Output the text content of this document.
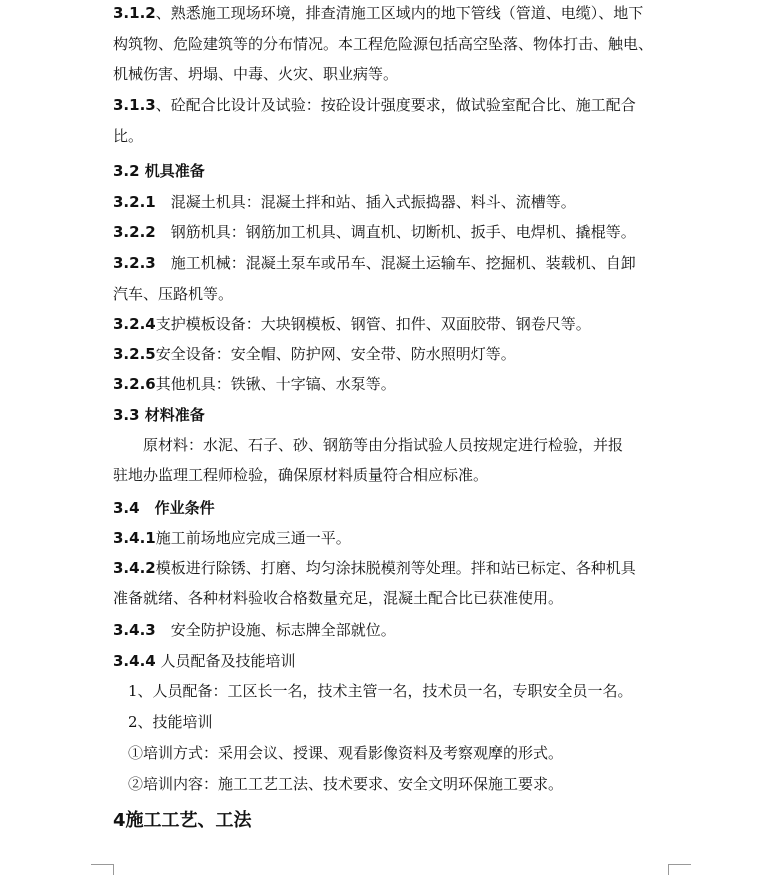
3.1.2、熟悉施工现场环境，排查清施工区域内的地下管线（管道、电缆）、地下
构筑物、危险建筑等的分布情况。本工程危险源包括高空坠落、物体打击、触电、
机械伤害、坍塌、中毒、火灾、职业病等。
3.1.3、砼配合比设计及试验：按砼设计强度要求，做试验室配合比、施工配合
比。
3.2 机具准备
3.2.1　混凝土机具：混凝土拌和站、插入式振捣器、料斗、流槽等。
3.2.2　钢筋机具：钢筋加工机具、调直机、切断机、扳手、电焊机、撬棍等。
3.2.3　施工机械：混凝土泵车或吊车、混凝土运输车、挖掘机、装载机、自卸
汽车、压路机等。
3.2.4支护模板设备：大块钢模板、钢管、扣件、双面胶带、钢卷尺等。
3.2.5安全设备：安全帽、防护网、安全带、防水照明灯等。
3.2.6其他机具：铁锹、十字镐、水泵等。
3.3 材料准备
　　原材料：水泥、石子、砂、钢筋等由分指试验人员按规定进行检验，并报
驻地办监理工程师检验，确保原材料质量符合相应标准。
3.4　作业条件
3.4.1施工前场地应完成三通一平。
3.4.2模板进行除锈、打磨、均匀涂抹脱模剂等处理。拌和站已标定、各种机具
准备就绪、各种材料验收合格数量充足，混凝土配合比已获准使用。
3.4.3　安全防护设施、标志牌全部就位。
3.4.4 人员配备及技能培训
　1、人员配备：工区长一名，技术主管一名，技术员一名，专职安全员一名。
　2、技能培训
　①培训方式：采用会议、授课、观看影像资料及考察观摩的形式。
　②培训内容：施工工艺工法、技术要求、安全文明环保施工要求。
4施工工艺、工法
